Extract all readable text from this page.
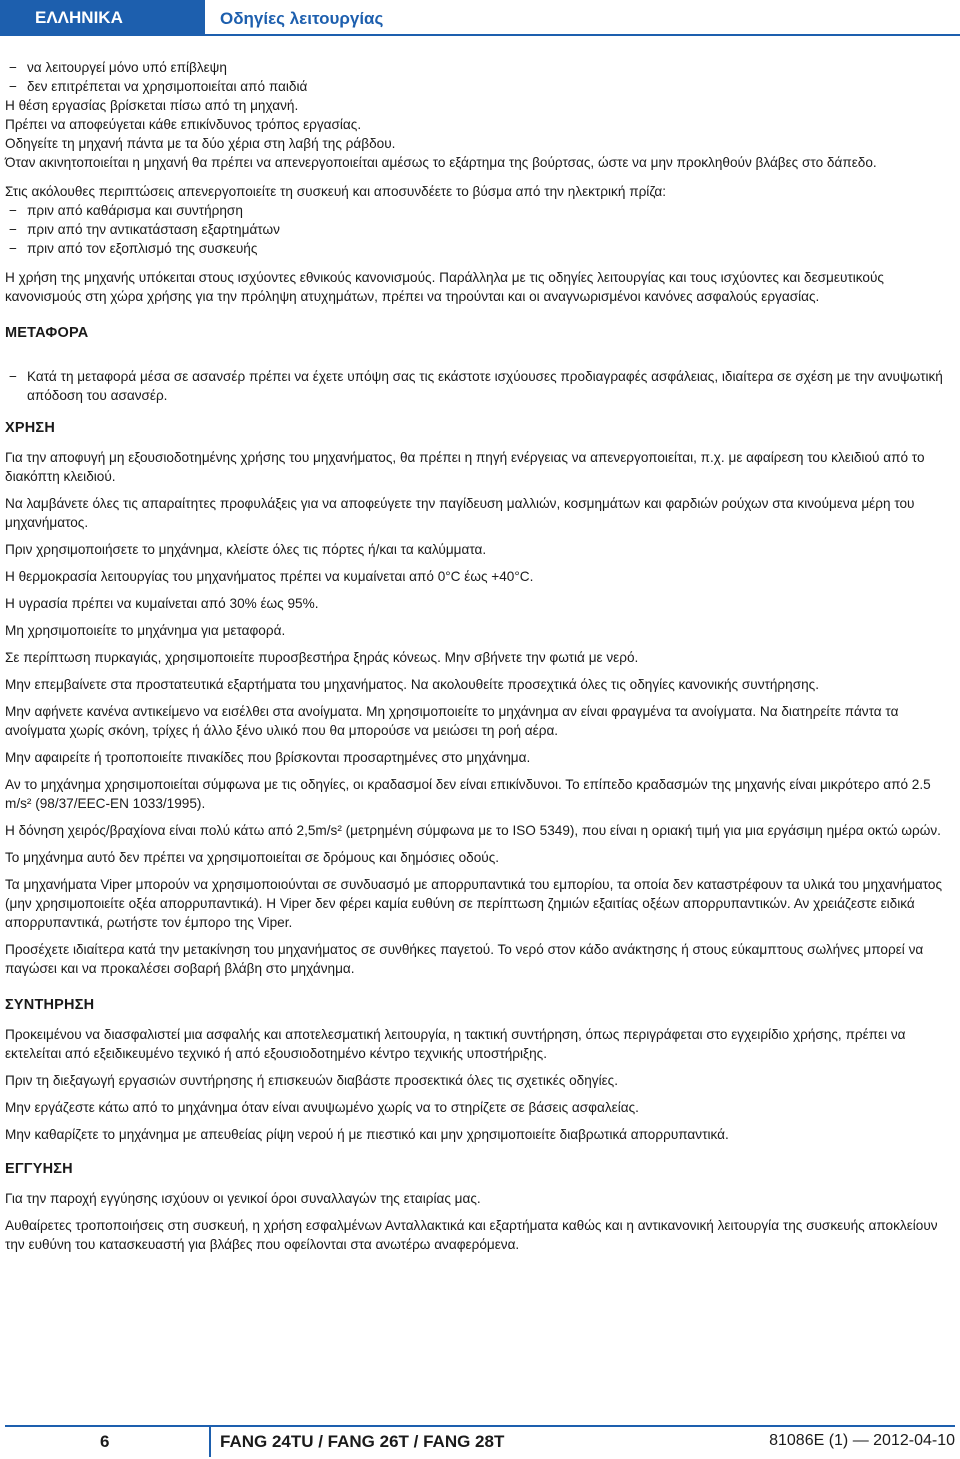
ΕΛΛΗΝΙΚΑ	Οδηγίες λειτουργίας

− να λειτουργεί μόνο υπό επίβλεψη

− δεν επιτρέπεται να χρησιμοποιείται από παιδιά

Η θέση εργασίας βρίσκεται πίσω από τη μηχανή.

Πρέπει να αποφεύγεται κάθε επικίνδυνος τρόπος εργασίας.

Οδηγείτε τη μηχανή πάντα με τα δύο χέρια στη λαβή της ράβδου.

Όταν ακινητοποιείται η μηχανή θα πρέπει να απενεργοποιείται αμέσως το εξάρτημα της βούρτσας, ώστε να μην προκληθούν βλάβες στο δάπεδο.

Στις ακόλουθες περιπτώσεις απενεργοποιείτε τη συσκευή και αποσυνδέετε το βύσμα από την ηλεκτρική πρίζα:

− πριν από καθάρισμα και συντήρηση

− πριν από την αντικατάσταση εξαρτημάτων

− πριν από τον εξοπλισμό της συσκευής

Η χρήση της μηχανής υπόκειται στους ισχύοντες εθνικούς κανονισμούς. Παράλληλα με τις οδηγίες λειτουργίας και τους ισχύοντες και δεσμευτικούς κανονισμούς στη χώρα χρήσης για την πρόληψη ατυχημάτων, πρέπει να τηρούνται και οι αναγνωρισμένοι κανόνες ασφαλούς εργασίας.

ΜΕΤΑΦΟΡΑ

− Κατά τη μεταφορά μέσα σε ασανσέρ πρέπει να έχετε υπόψη σας τις εκάστοτε ισχύουσες προδιαγραφές ασφάλειας, ιδιαίτερα σε σχέση με την ανυψωτική απόδοση του ασανσέρ.

ΧΡΗΣΗ

Για την αποφυγή μη εξουσιοδοτημένης χρήσης του μηχανήματος, θα πρέπει η πηγή ενέργειας να απενεργοποιείται, π.χ. με αφαίρεση του κλειδιού από το διακόπτη κλειδιού.

Να λαμβάνετε όλες τις απαραίτητες προφυλάξεις για να αποφεύγετε την παγίδευση μαλλιών, κοσμημάτων και φαρδιών ρούχων στα κινούμενα μέρη του μηχανήματος.

Πριν χρησιμοποιήσετε το μηχάνημα, κλείστε όλες τις πόρτες ή/και τα καλύμματα.

Η θερμοκρασία λειτουργίας του μηχανήματος πρέπει να κυμαίνεται από 0°C έως +40°C.

Η υγρασία πρέπει να κυμαίνεται από 30% έως 95%.

Μη χρησιμοποιείτε το μηχάνημα για μεταφορά.

Σε περίπτωση πυρκαγιάς, χρησιμοποιείτε πυροσβεστήρα ξηράς κόνεως. Μην σβήνετε την φωτιά με νερό.

Μην επεμβαίνετε στα προστατευτικά εξαρτήματα του μηχανήματος. Να ακολουθείτε προσεχτικά όλες τις οδηγίες κανονικής συντήρησης.

Μην αφήνετε κανένα αντικείμενο να εισέλθει στα ανοίγματα. Μη χρησιμοποιείτε το μηχάνημα αν είναι φραγμένα τα ανοίγματα. Να διατηρείτε πάντα τα ανοίγματα χωρίς σκόνη, τρίχες ή άλλο ξένο υλικό που θα μπορούσε να μειώσει τη ροή αέρα.

Μην αφαιρείτε ή τροποποιείτε πινακίδες που βρίσκονται προσαρτημένες στο μηχάνημα.

Αν το μηχάνημα χρησιμοποιείται σύμφωνα με τις οδηγίες, οι κραδασμοί δεν είναι επικίνδυνοι. Το επίπεδο κραδασμών της μηχανής είναι μικρότερο από 2.5 m/s² (98/37/EEC-EN 1033/1995).

Η δόνηση χειρός/βραχίονα είναι πολύ κάτω από 2,5m/s² (μετρημένη σύμφωνα με το ISO 5349), που είναι η οριακή τιμή για μια εργάσιμη ημέρα οκτώ ωρών.

Το μηχάνημα αυτό δεν πρέπει να χρησιμοποιείται σε δρόμους και δημόσιες οδούς.

Τα μηχανήματα Viper μπορούν να χρησιμοποιούνται σε συνδυασμό με απορρυπαντικά του εμπορίου, τα οποία δεν καταστρέφουν τα υλικά του μηχανήματος (μην χρησιμοποιείτε οξέα απορρυπαντικά). Η Viper δεν φέρει καμία ευθύνη σε περίπτωση ζημιών εξαιτίας οξέων απορρυπαντικών. Αν χρειάζεστε ειδικά απορρυπαντικά, ρωτήστε τον έμπορο της Viper.

Προσέχετε ιδιαίτερα κατά την μετακίνηση του μηχανήματος σε συνθήκες παγετού. Το νερό στον κάδο ανάκτησης ή στους εύκαμπτους σωλήνες μπορεί να παγώσει και να προκαλέσει σοβαρή βλάβη στο μηχάνημα.

ΣΥΝΤΗΡΗΣΗ

Προκειμένου να διασφαλιστεί μια ασφαλής και αποτελεσματική λειτουργία, η τακτική συντήρηση, όπως περιγράφεται στο εγχειρίδιο χρήσης, πρέπει να εκτελείται από εξειδικευμένο τεχνικό ή από εξουσιοδοτημένο κέντρο τεχνικής υποστήριξης.

Πριν τη διεξαγωγή εργασιών συντήρησης ή επισκευών διαβάστε προσεκτικά όλες τις σχετικές οδηγίες.

Μην εργάζεστε κάτω από το μηχάνημα όταν είναι ανυψωμένο χωρίς να το στηρίζετε σε βάσεις ασφαλείας.

Μην καθαρίζετε το μηχάνημα με απευθείας ρίψη νερού ή με πιεστικό και μην χρησιμοποιείτε διαβρωτικά απορρυπαντικά.

ΕΓΓΥΗΣΗ

Για την παροχή εγγύησης ισχύουν οι γενικοί όροι συναλλαγών της εταιρίας μας.

Αυθαίρετες τροποποιήσεις στη συσκευή, η χρήση εσφαλμένων Ανταλλακτικά και εξαρτήματα καθώς και η αντικανονική λειτουργία της συσκευής αποκλείουν την ευθύνη του κατασκευαστή για βλάβες που οφείλονται στα ανωτέρω αναφερόμενα.

6	FANG 24TU / FANG 26T / FANG 28T	81086E (1) — 2012-04-10
